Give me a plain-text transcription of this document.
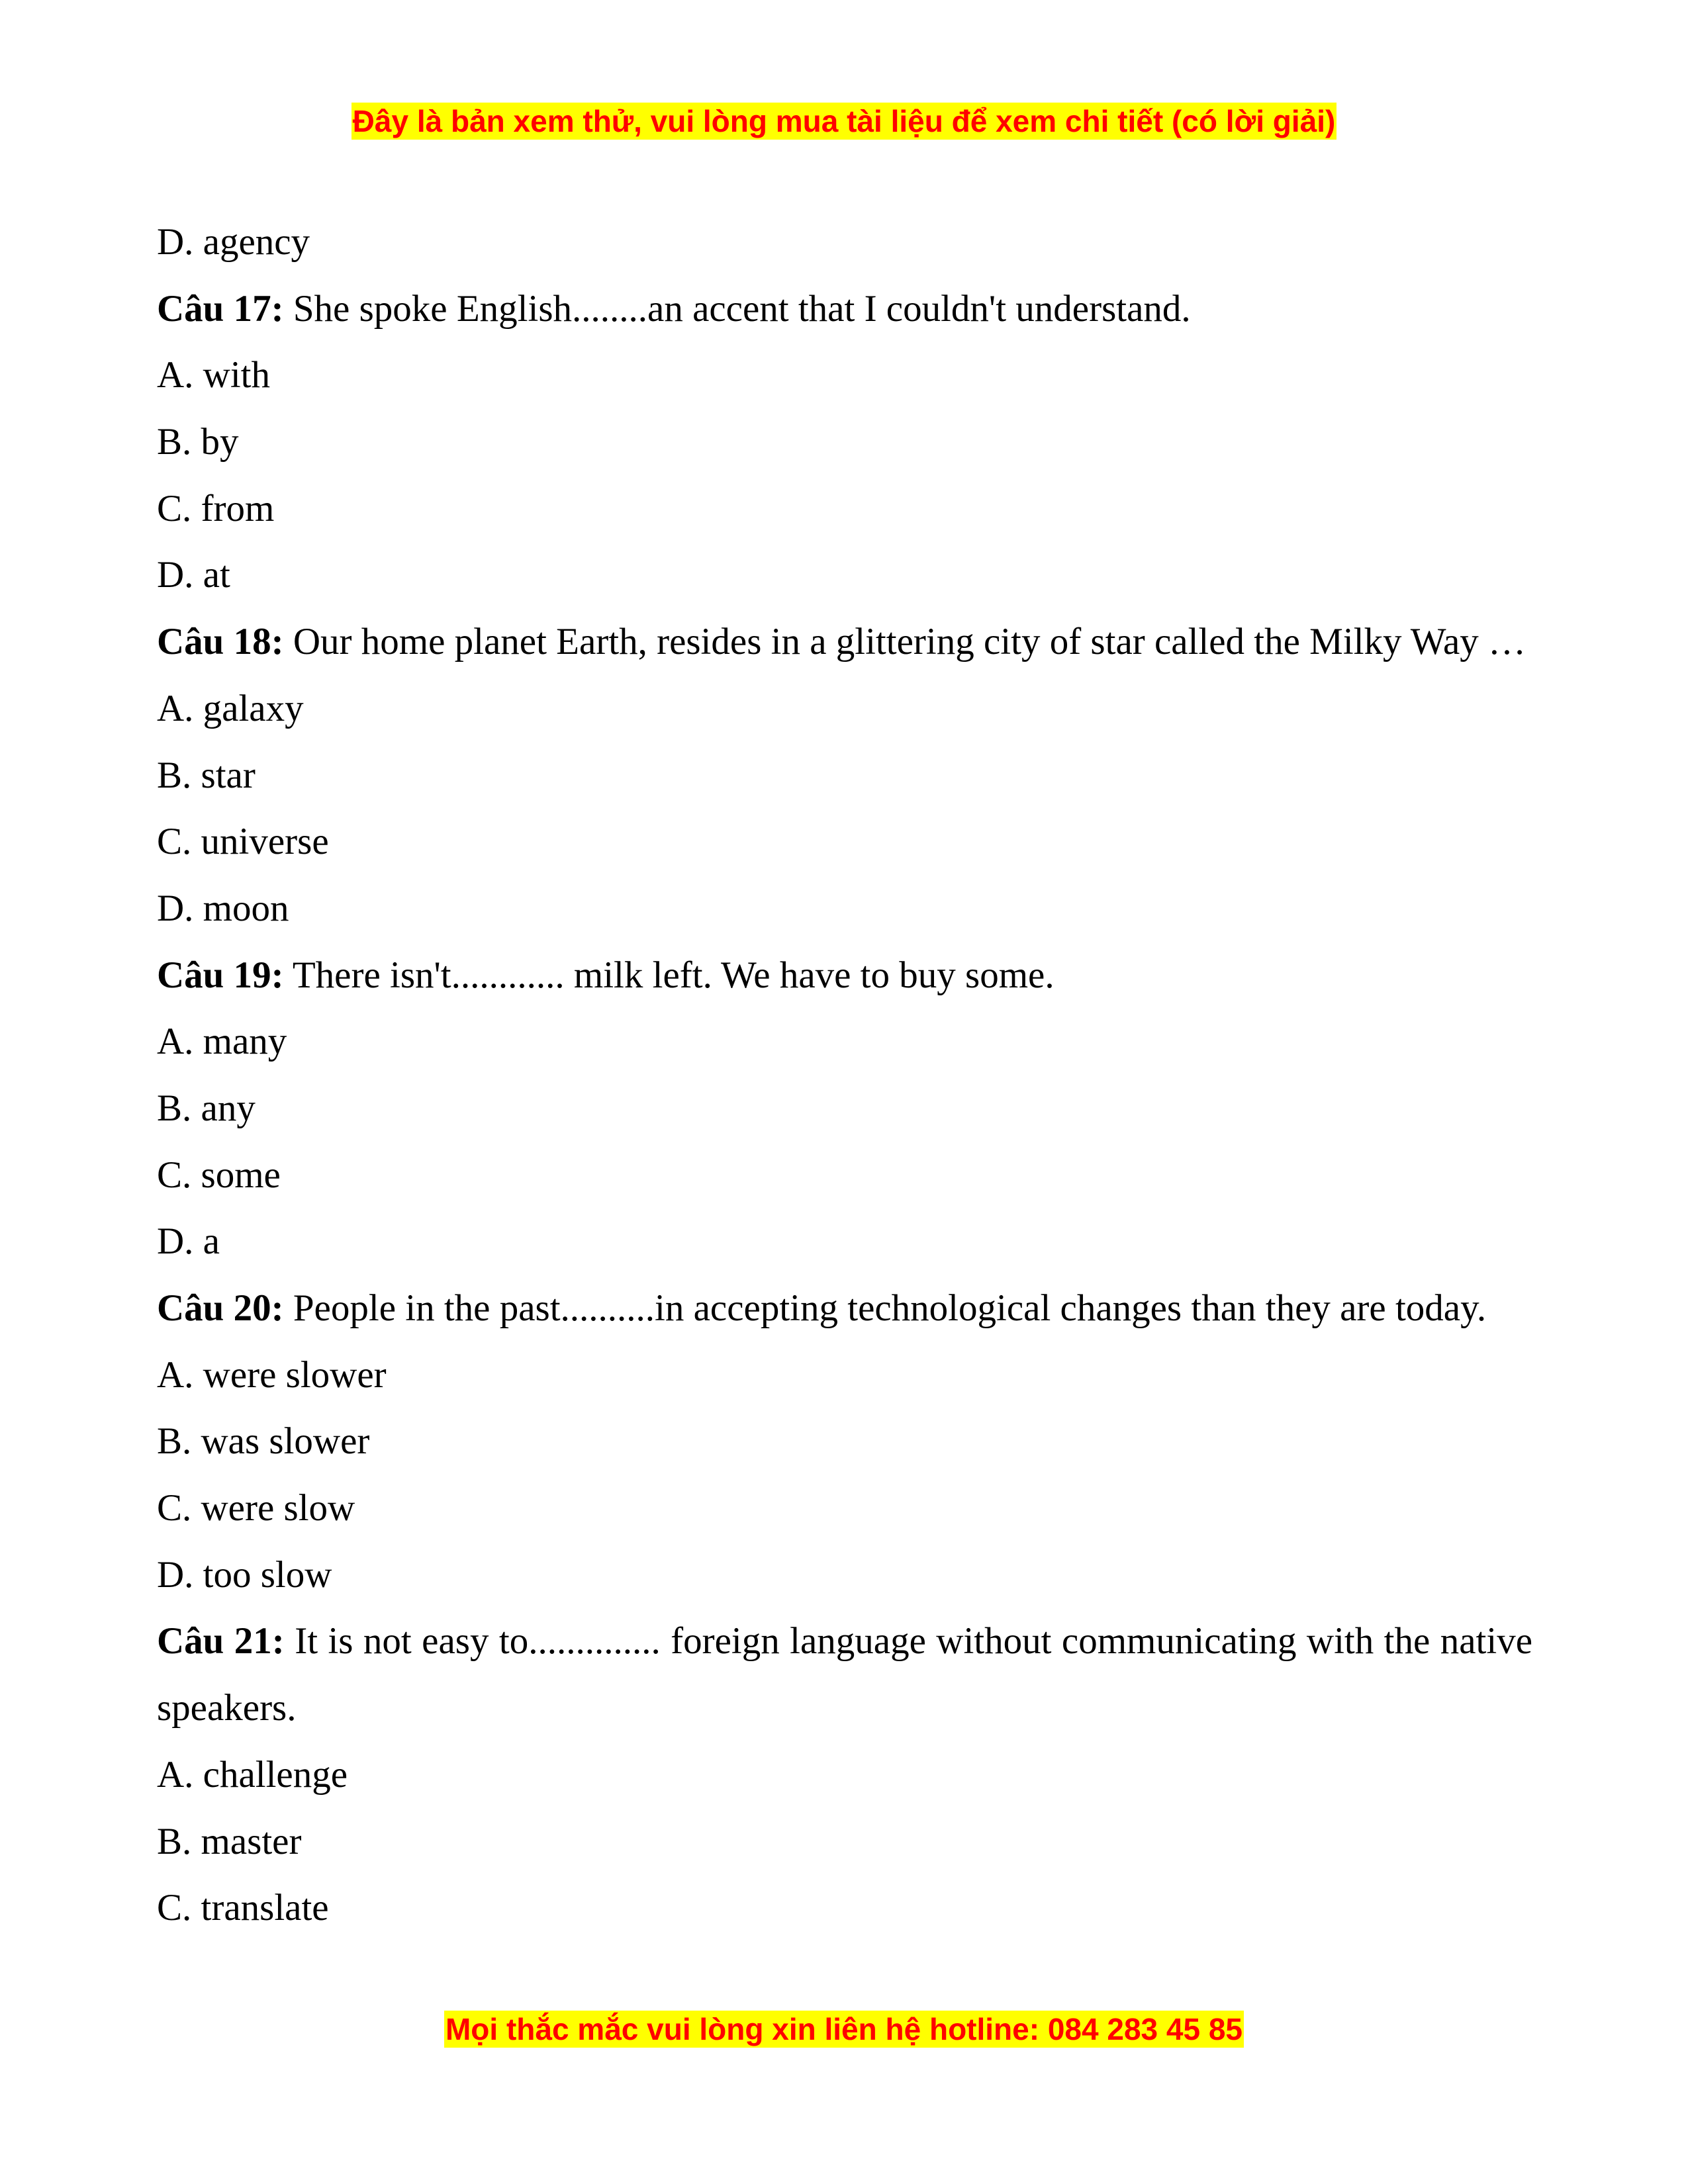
Đây là bản xem thử, vui lòng mua tài liệu để xem chi tiết (có lời giải)
D. agency
Câu 17: She spoke English........an accent that I couldn't understand.
A. with
B. by
C. from
D. at
Câu 18: Our home planet Earth, resides in a glittering city of star called the Milky Way …
A. galaxy
B. star
C. universe
D. moon
Câu 19: There isn't............ milk left. We have to buy some.
A. many
B. any
C. some
D. a
Câu 20: People in the past..........in accepting technological changes than they are today.
A. were slower
B. was slower
C. were slow
D. too slow
Câu 21: It is not easy to.............. foreign language without communicating with the native speakers.
A. challenge
B. master
C. translate
Mọi thắc mắc vui lòng xin liên hệ hotline: 084 283 45 85
